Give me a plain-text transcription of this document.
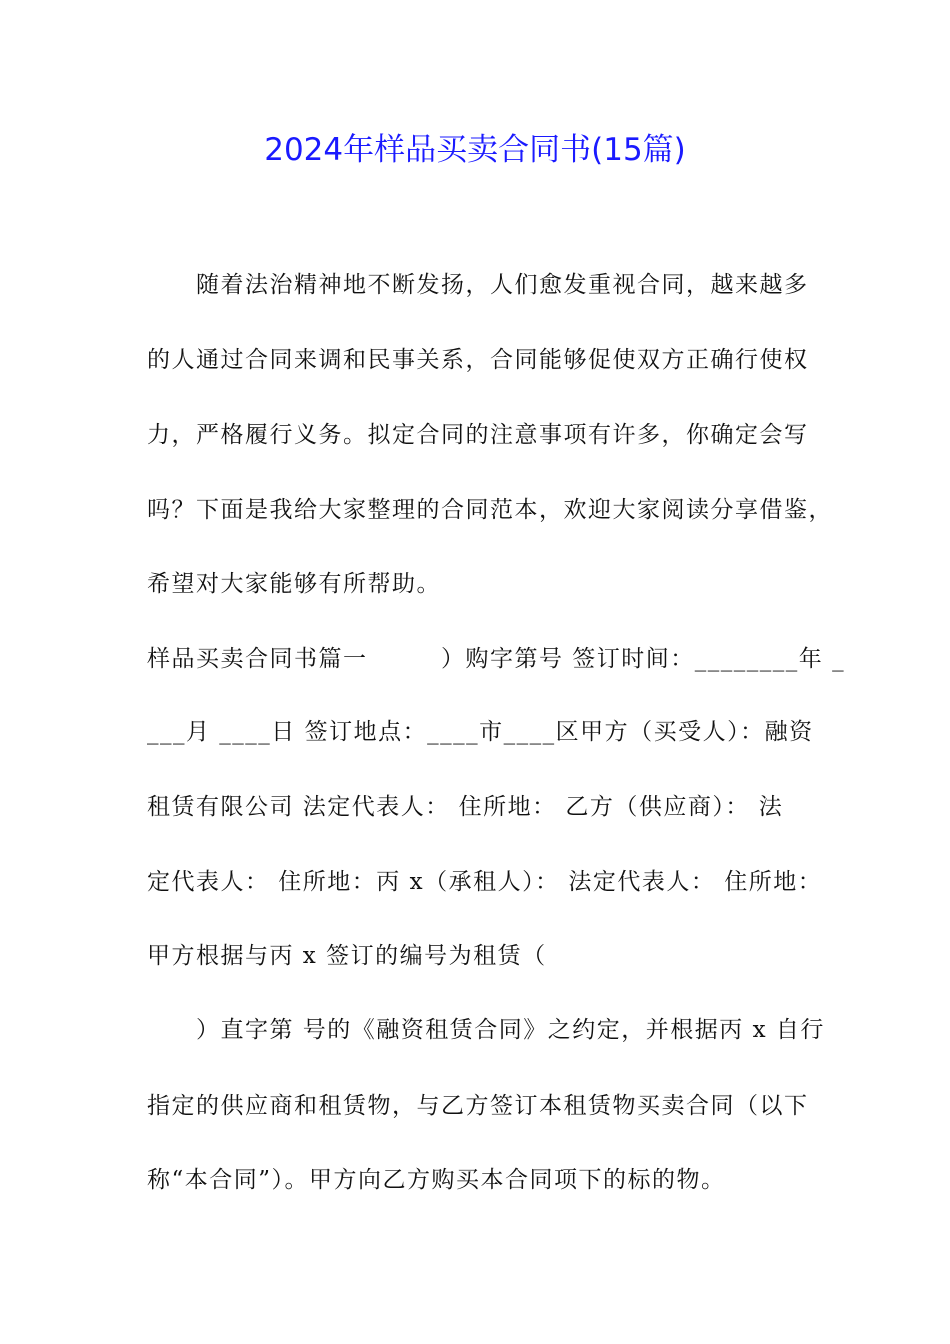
2024年样品买卖合同书(15篇)
　　随着法治精神地不断发扬，人们愈发重视合同，越来越多
的人通过合同来调和民事关系，合同能够促使双方正确行使权
力，严格履行义务。拟定合同的注意事项有许多，你确定会写
吗？下面是我给大家整理的合同范本，欢迎大家阅读分享借鉴，
希望对大家能够有所帮助。
样品买卖合同书篇一　　　）购字第号 签订时间：________年 _
___月 ____日 签订地点：____市____区甲方（买受人）：融资
租赁有限公司 法定代表人： 住所地： 乙方（供应商）： 法
定代表人： 住所地：丙 x（承租人）： 法定代表人： 住所地：
甲方根据与丙 x 签订的编号为租赁（
　　）直字第 号的《融资租赁合同》之约定，并根据丙 x 自行
指定的供应商和租赁物，与乙方签订本租赁物买卖合同（以下
称“本合同”）。甲方向乙方购买本合同项下的标的物。
